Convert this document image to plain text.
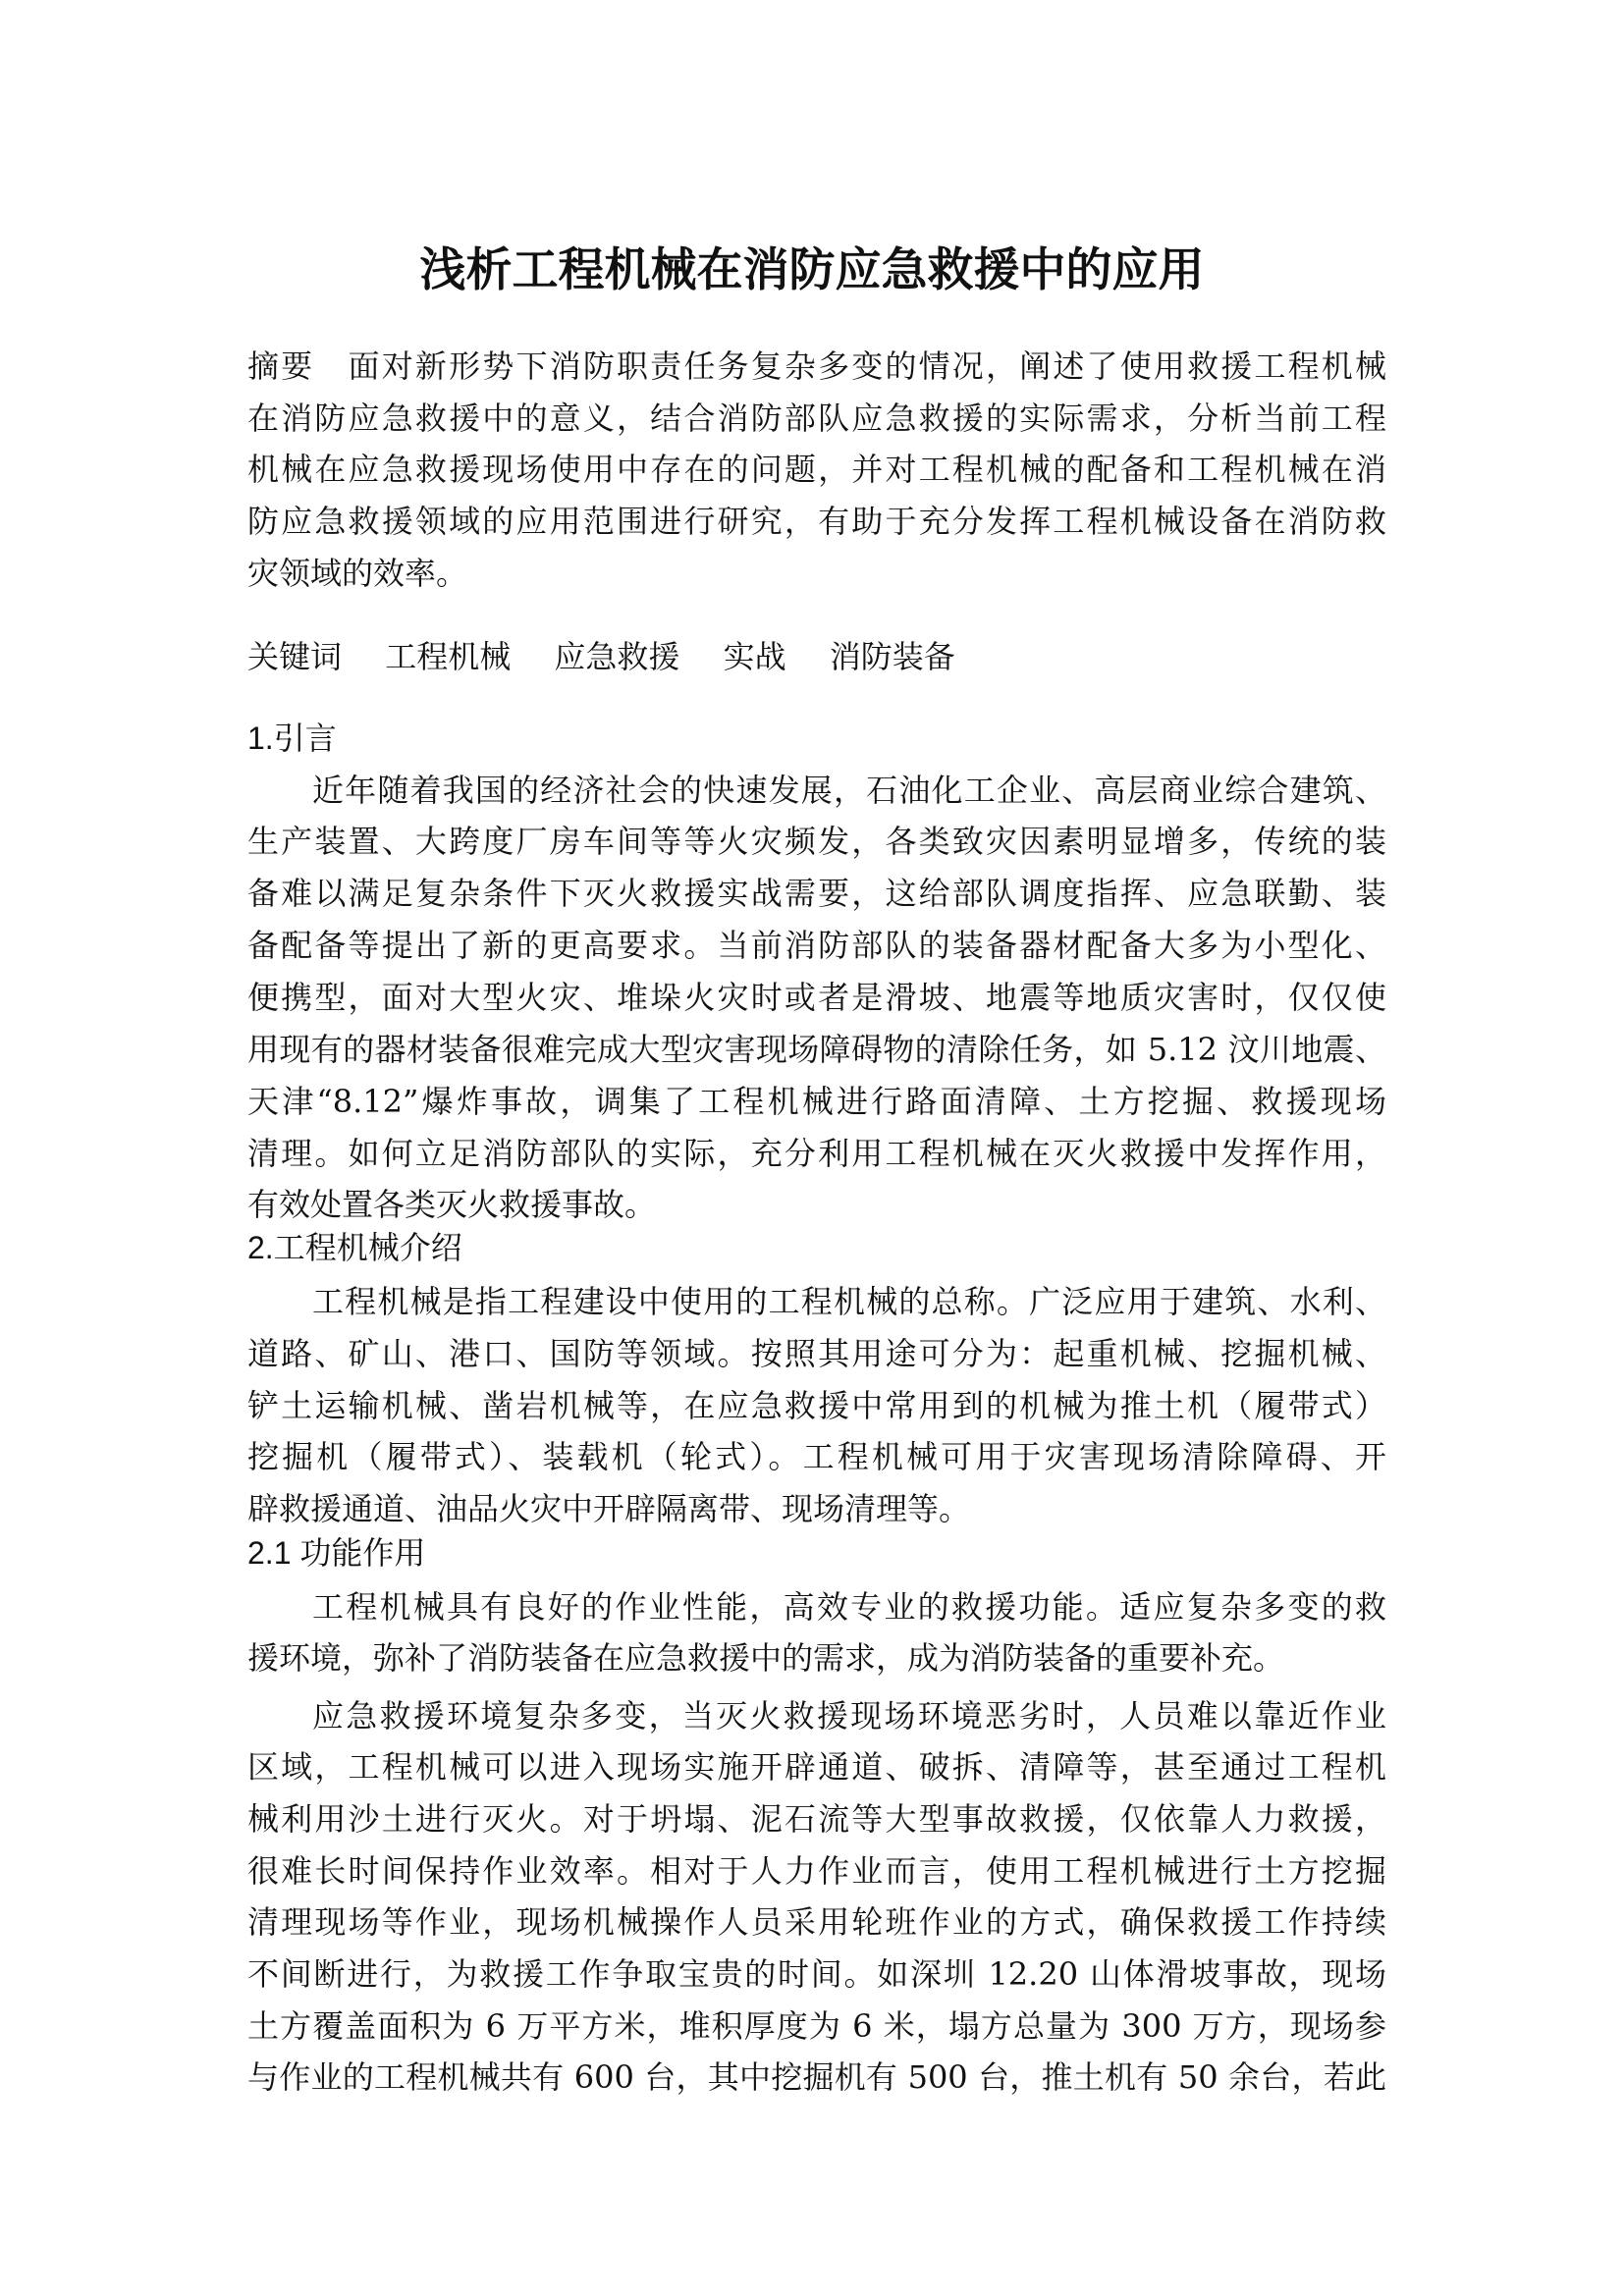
浅析工程机械在消防应急救援中的应用
摘要　面对新形势下消防职责任务复杂多变的情况，阐述了使用救援工程机械
在消防应急救援中的意义，结合消防部队应急救援的实际需求，分析当前工程
机械在应急救援现场使用中存在的问题，并对工程机械的配备和工程机械在消
防应急救援领域的应用范围进行研究，有助于充分发挥工程机械设备在消防救
灾领域的效率。
关键词 工程机械 应急救援 实战 消防装备
1.引言
近年随着我国的经济社会的快速发展，石油化工企业、高层商业综合建筑、
生产装置、大跨度厂房车间等等火灾频发，各类致灾因素明显增多，传统的装
备难以满足复杂条件下灭火救援实战需要，这给部队调度指挥、应急联勤、装
备配备等提出了新的更高要求。当前消防部队的装备器材配备大多为小型化、
便携型，面对大型火灾、堆垛火灾时或者是滑坡、地震等地质灾害时，仅仅使
用现有的器材装备很难完成大型灾害现场障碍物的清除任务，如 5.12 汶川地震、
天津“8.12”爆炸事故，调集了工程机械进行路面清障、土方挖掘、救援现场
清理。如何立足消防部队的实际，充分利用工程机械在灭火救援中发挥作用，
有效处置各类灭火救援事故。
2.工程机械介绍
工程机械是指工程建设中使用的工程机械的总称。广泛应用于建筑、水利、
道路、矿山、港口、国防等领域。按照其用途可分为：起重机械、挖掘机械、
铲土运输机械、凿岩机械等，在应急救援中常用到的机械为推土机（履带式）
挖掘机（履带式）、装载机（轮式）。工程机械可用于灾害现场清除障碍、开
辟救援通道、油品火灾中开辟隔离带、现场清理等。
2.1 功能作用
工程机械具有良好的作业性能，高效专业的救援功能。适应复杂多变的救
援环境，弥补了消防装备在应急救援中的需求，成为消防装备的重要补充。
应急救援环境复杂多变，当灭火救援现场环境恶劣时，人员难以靠近作业
区域，工程机械可以进入现场实施开辟通道、破拆、清障等，甚至通过工程机
械利用沙土进行灭火。对于坍塌、泥石流等大型事故救援，仅依靠人力救援，
很难长时间保持作业效率。相对于人力作业而言，使用工程机械进行土方挖掘
清理现场等作业，现场机械操作人员采用轮班作业的方式，确保救援工作持续
不间断进行，为救援工作争取宝贵的时间。如深圳 12.20 山体滑坡事故，现场
土方覆盖面积为 6 万平方米，堆积厚度为 6 米，塌方总量为 300 万方，现场参
与作业的工程机械共有 600 台，其中挖掘机有 500 台，推土机有 50 余台，若此
